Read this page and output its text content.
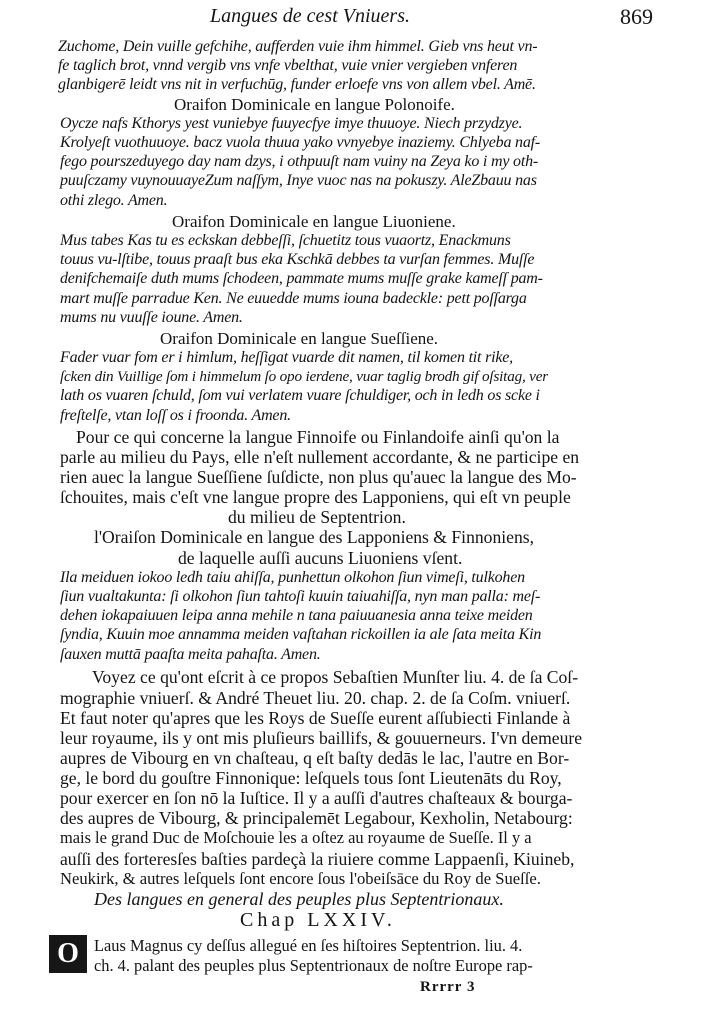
Langues de cest Vniuers.	869
Zuchome, Dein vuille gefchihe, aufferden vuie ihm himmel. Gieb vns heut vn-
fe taglich brot, vnnd vergib vns vnfe vbelthat, vuie vnier vergieben vnferen
glanbigerē leidt vns nit in verfuchūg, funder erloefe vns von allem vbel. Amē.
Oraifon Dominicale en langue Polonoife.
Oycze nafs Kthorys yest vuniebye fuuyecfye imye thuuoye. Niech przydzye.
Krolyeſt vuothuuoye. bacz vuola thuua yako vvnyebye inaziemy. Chlyeba naf-
fego pourszeduyego day nam dzys, i othpuuſt nam vuiny na Zeya ko i my oth-
puuſczamy vuynouuayeZum naſſym, Inye vuoc nas na pokuszy. AleZbauu nas
othi zlego. Amen.
Oraifon Dominicale en langue Liuoniene.
Mus tabes Kas tu es eckskan debbeſſi, ſchuetitz tous vuaortz, Enackmuns
touus vu-lſtibe, touus praaſt bus eka Kschkā debbes ta vurſan femmes. Muſſe
denifchemaiſe duth mums ſchodeen, pammate mums muſſe grake kameſſ pam-
mart muſſe parradue Ken. Ne euuedde mums iouna badeckle: pett poſſarga
mums nu vuuſſe ioune. Amen.
Oraifon Dominicale en langue Sueſſiene.
Fader vuar fom er i himlum, heſſigat vuarde dit namen, til komen tit rike,
ſcken din Vuillige ſom i himmelum ſo opo ierdene, vuar taglig brodh gif oſsitag, ver
lath os vuaren ſchuld, ſom vui verlatem vuare ſchuldiger, och in ledh os scke i
freſtelſe, vtan loſſ os i froonda. Amen.
Pour ce qui concerne la langue Finnoife ou Finlandoife ainſi qu'on la
parle au milieu du Pays, elle n'eſt nullement accordante, & ne participe en
rien auec la langue Sueſſiene ſuſdicte, non plus qu'auec la langue des Mo-
ſchouites, mais c'eſt vne langue propre des Lapponiens, qui eſt vn peuple
du milieu de Septentrion.
l'Oraiſon Dominicale en langue des Lapponiens & Finnoniens,
de laquelle auſſi aucuns Liuoniens vſent.
Ila meiduen iokoo ledh taiu ahiſſa, punhettun olkohon ſiun vimeſi, tulkohen
ſiun vualtakunta: ſi olkohon ſiun tahtoſi kuuin taiuahiſſa, nyn man palla: meſ-
dehen iokapaiuuen leipa anna mehile n tana paiuuanesia anna teixe meiden
ſyndia, Kuuin moe annamma meiden vaſtahan rickoillen ia ale ſata meita Kin
ſauxen muttā paaſta meita pahaſta. Amen.
Voyez ce qu'ont eſcrit à ce propos Sebaſtien Munſter liu. 4. de ſa Coſ-
mographie vniuerſ. & André Theuet liu. 20. chap. 2. de ſa Coſm. vniuerſ.
Et faut noter qu'apres que les Roys de Sueſſe eurent aſſubiecti Finlande à
leur royaume, ils y ont mis pluſieurs baillifs, & gouuerneurs. I'vn demeure
aupres de Vibourg en vn chaſteau, q eſt baſty dedās le lac, l'autre en Bor-
ge, le bord du gouſtre Finnonique: leſquels tous ſont Lieutenāts du Roy,
pour exercer en ſon nō la Iuſtice. Il y a auſſi d'autres chaſteaux & bourga-
des aupres de Vibourg, & principalemēt Legabour, Kexholin, Netabourg:
mais le grand Duc de Moſchouie les a oſtez au royaume de Sueſſe. Il y a
auſſi des forteresſes baſties pardeçà la riuiere comme Lappaenſi, Kiuineb,
Neukirk, & autres leſquels ſont encore ſous l'obeiſsāce du Roy de Sueſſe.
Des langues en general des peuples plus Septentrionaux.
Chap LXXIV.
O Laus Magnus cy deſſus allegué en ſes hiſtoires Septentrion. liu. 4.
ch. 4. palant des peuples plus Septentrionaux de noſtre Europe rap-
Rrrrr 3
